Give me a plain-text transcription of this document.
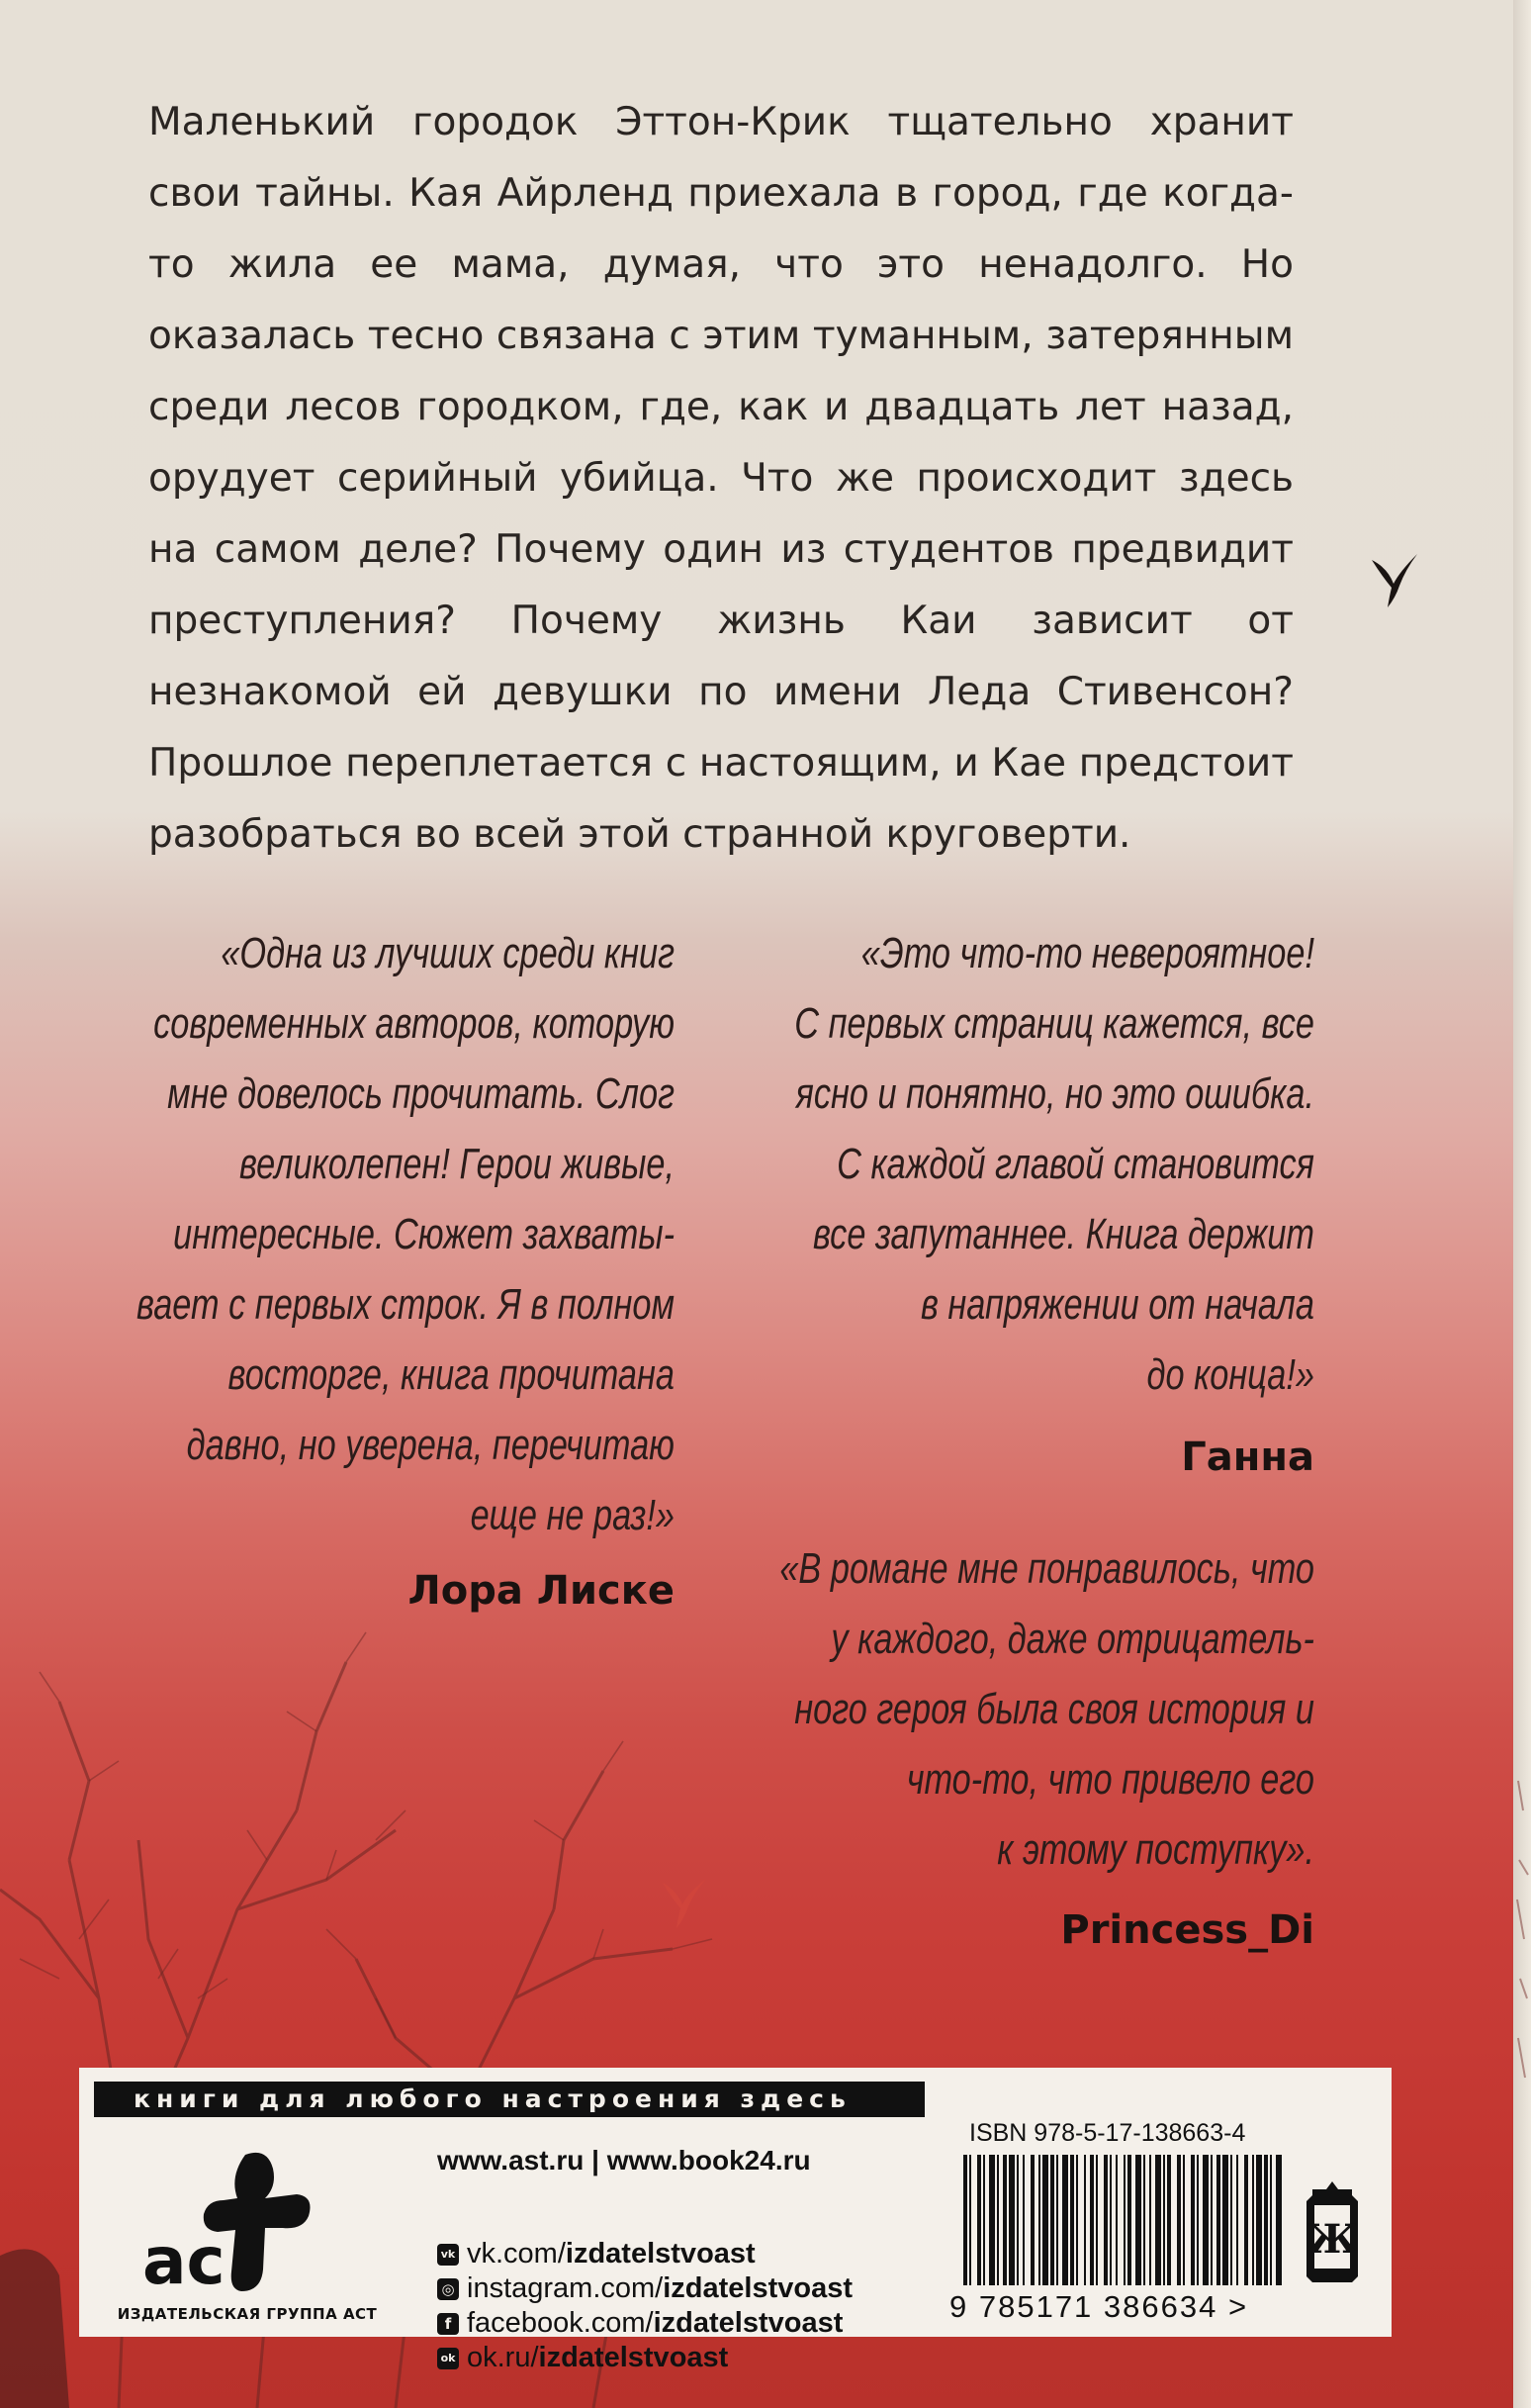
Маленький городок Эттон-Крик тщательно хранит свои тайны. Кая Айрленд приехала в город, где когда-то жила ее мама, думая, что это ненадолго. Но оказалась тесно связана с этим туманным, затерянным среди лесов городком, где, как и двадцать лет назад, орудует серийный убийца. Что же происходит здесь на самом деле? Почему один из студентов предвидит преступления? Почему жизнь Каи зависит от незнакомой ей девушки по имени Леда Стивенсон? Прошлое переплетается с настоящим, и Кае предстоит разобраться во всей этой странной круговерти.

«Одна из лучших среди книг
современных авторов, которую
мне довелось прочитать. Слог
великолепен! Герои живые,
интересные. Сюжет захваты-
вает с первых строк. Я в полном
восторге, книга прочитана
давно, но уверена, перечитаю
еще не раз!»

Лора Лиске

«Это что-то невероятное!
С первых страниц кажется, все
ясно и понятно, но это ошибка.
С каждой главой становится
все запутаннее. Книга держит
в напряжении от начала
до конца!»

Ганна

«В романе мне понравилось, что
у каждого, даже отрицатель-
ного героя была своя история и
что-то, что привело его
к этому поступку».

Princess_Di

книги для любого настроения здесь
ас
ИЗДАТЕЛЬСКАЯ ГРУППА АСТ
www.ast.ru | www.book24.ru
vk vk.com/izdatelstvoast
◎ instagram.com/izdatelstvoast
f facebook.com/izdatelstvoast
ok ok.ru/izdatelstvoast
ISBN 978-5-17-138663-4
9 785171 386634 >
Ж
